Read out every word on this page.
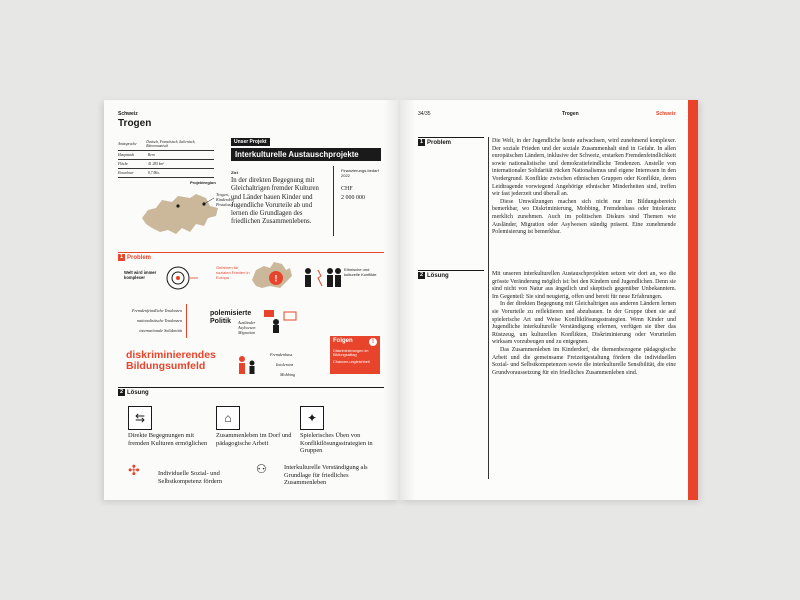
Schweiz
Trogen
Amtssprache	Deutsch, Französisch, Italienisch, Rätoromanisch
Hauptstadt	Bern
Fläche	41 285 km²
Einwohner	8,7 Mio.
Projektregion
Trogen, Kinderdorf Pestalozzi
Unser Projekt
Interkulturelle Austauschprojekte
Ziel
In der direkten Begegnung mit Gleichaltrigen fremder Kulturen und Länder bauen Kinder und Jugendliche Vorurteile ab und lernen die Grundlagen des friedlichen Zusammenlebens.
Finanzierungs-bedarf 2022
CHF
2 000 000
1 Problem
Welt wird immer komplexer
Gefahren für sozialen Frieden in Europa	!
Ethnische und kulturelle Konflikte
Fremdenfeindliche Tendenzen
nationalistische Tendenzen
internationale Solidarität
polemisierte
Politik Ausländer
Asylwesen
Migration
diskriminierendes
Bildungsumfeld
Fremdenhass
Intoleranz
Mobbing
Folgen	!
Diskriminierungen im Bildungsalltag
Chancen-ungleichheit
2 Lösung
⇆
Direkte Begegnungen mit fremden Kulturen ermöglichen
⌂
Zusammenleben im Dorf und pädagogische Arbeit
✦
Spielerisches Üben von Konfliktlösungsstrategien in Gruppen
✣	Individuelle Sozial- und Selbstkompetenz fördern
⚇	Interkulturelle Verständigung als Grundlage für friedliches Zusammenleben
34/35	Trogen	Schweiz
1 Problem	Die Welt, in der Jugendliche heute aufwachsen, wird zunehmend komplexer. Der soziale Frieden und der soziale Zusammenhalt sind in Gefahr. In allen europäischen Ländern, inklusive der Schweiz, erstarken Fremdenfeindlichkeit sowie nationalistische und demokratiefeindliche Tendenzen. Anstelle von internationaler Solidarität rücken Nationalismus und eigene Interessen in den Vordergrund. Konflikte zwischen ethnischen Gruppen oder Konflikte, deren Leidtragende vorwiegend Angehörige ethnischer Minderheiten sind, treffen wir fast jederzeit und überall an.

Diese Umwälzungen machen sich nicht nur im Bildungsbereich bemerkbar, wo Diskriminierung, Mobbing, Fremdenhass oder Intoleranz merklich zunehmen. Auch im politischen Diskurs sind Themen wie Ausländer, Migration oder Asylwesen ständig präsent. Eine zunehmende Polemisierung ist bemerkbar.

2 Lösung	Mit unseren interkulturellen Austauschprojekten setzen wir dort an, wo die grösste Veränderung möglich ist: bei den Kindern und Jugendlichen. Denn sie sind nicht von Natur aus ängstlich und skeptisch gegenüber Unbekanntem. Im Gegenteil: Sie sind neugierig, offen und bereit für neue Erfahrungen.

In der direkten Begegnung mit Gleichaltrigen aus anderen Ländern lernen sie Vorurteile zu reflektieren und abzubauen. In der Gruppe üben sie auf spielerische Art und Weise Konfliktlösungsstrategien. Wenn Kinder und Jugendliche interkulturelle Verständigung erlernen, verfügen sie über das Rüstzeug, um kulturellen Konflikten, Diskriminierung oder Vorurteilen wirksam vorzubeugen und zu entgegnen.

Das Zusammenleben im Kinderdorf, die themenbezogene pädagogische Arbeit und die gemeinsame Freizeitgestaltung fördern die individuellen Sozial- und Selbstkompetenzen sowie die interkulturelle Sensibilität, die eine Grundvoraussetzung für ein friedliches Zusammenleben sind.
